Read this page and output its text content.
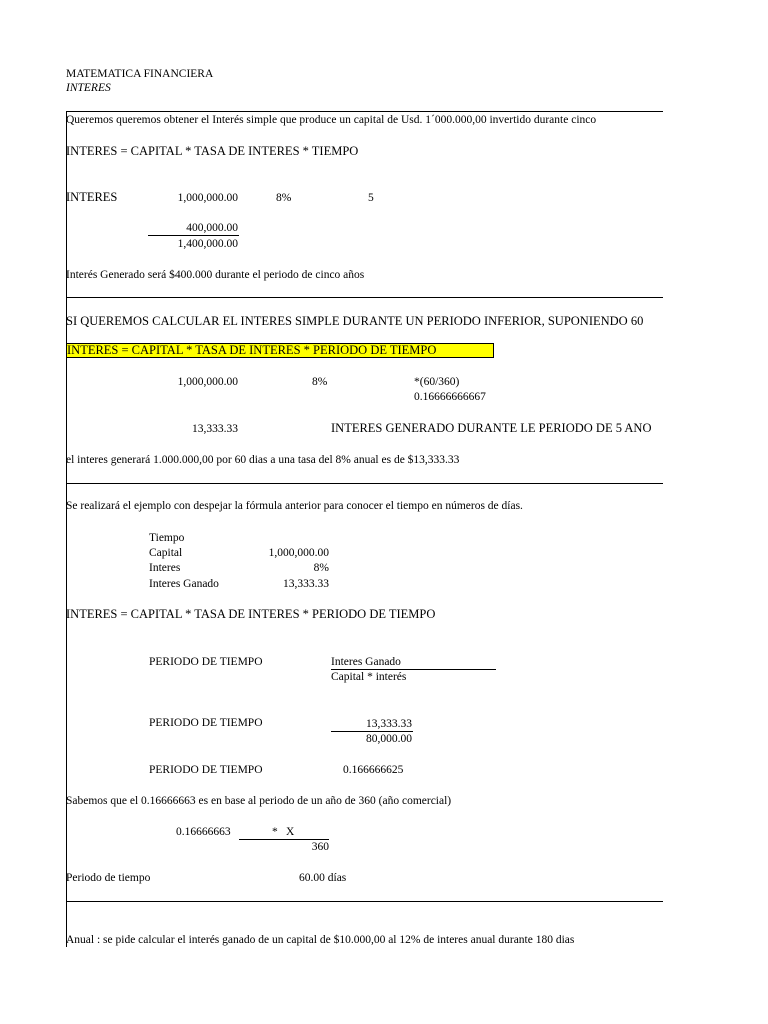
MATEMATICA FINANCIERA
INTERES
Queremos queremos obtener el Interés simple que produce un capital de Usd. 1´000.000,00 invertido durante cinco
INTERES = CAPITAL * TASA DE INTERES * TIEMPO
INTERES	1,000,000.00	8%	5
400,000.00
1,400,000.00
Interés Generado será $400.000 durante el periodo de cinco años
SI QUEREMOS CALCULAR EL INTERES SIMPLE DURANTE UN PERIODO INFERIOR, SUPONIENDO 60
INTERES = CAPITAL * TASA DE INTERES * PERIODO DE TIEMPO
1,000,000.00	8%	*(60/360)
0.16666666667
13,333.33	INTERES GENERADO DURANTE LE PERIODO DE 5 ANO
el interes generará 1.000.000,00 por 60 dias a una tasa del 8% anual es de $13,333.33
Se realizará el ejemplo con despejar la fórmula anterior para conocer el tiempo en números de días.
Tiempo
Capital	1,000,000.00
Interes	8%
Interes Ganado	13,333.33
INTERES = CAPITAL * TASA DE INTERES * PERIODO DE TIEMPO
PERIODO DE TIEMPO	Interes Ganado
Capital * interés
PERIODO DE TIEMPO	13,333.33
80,000.00
PERIODO DE TIEMPO	0.166666625
Sabemos que el 0.16666663 es en base al periodo de un año de 360 (año comercial)
0.16666663	* X
360
Periodo de tiempo	60.00 días
Anual : se pide calcular el interés ganado de un capital de $10.000,00 al 12% de interes anual durante 180 dias
